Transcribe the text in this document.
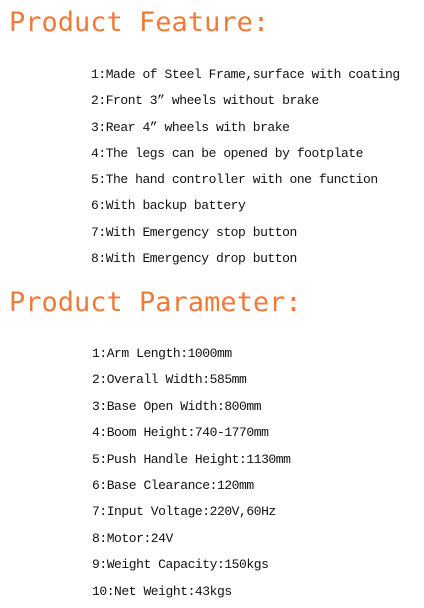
Product Feature:
1:Made of Steel Frame,surface with coating
2:Front 3” wheels without brake
3:Rear 4” wheels with brake
4:The legs can be opened by footplate
5:The hand controller with one function
6:With backup battery
7:With Emergency stop button
8:With Emergency drop button
Product Parameter:
1:Arm Length:1000mm
2:Overall Width:585mm
3:Base Open Width:800mm
4:Boom Height:740-1770mm
5:Push Handle Height:1130mm
6:Base Clearance:120mm
7:Input Voltage:220V,60Hz
8:Motor:24V
9:Weight Capacity:150kgs
10:Net Weight:43kgs
